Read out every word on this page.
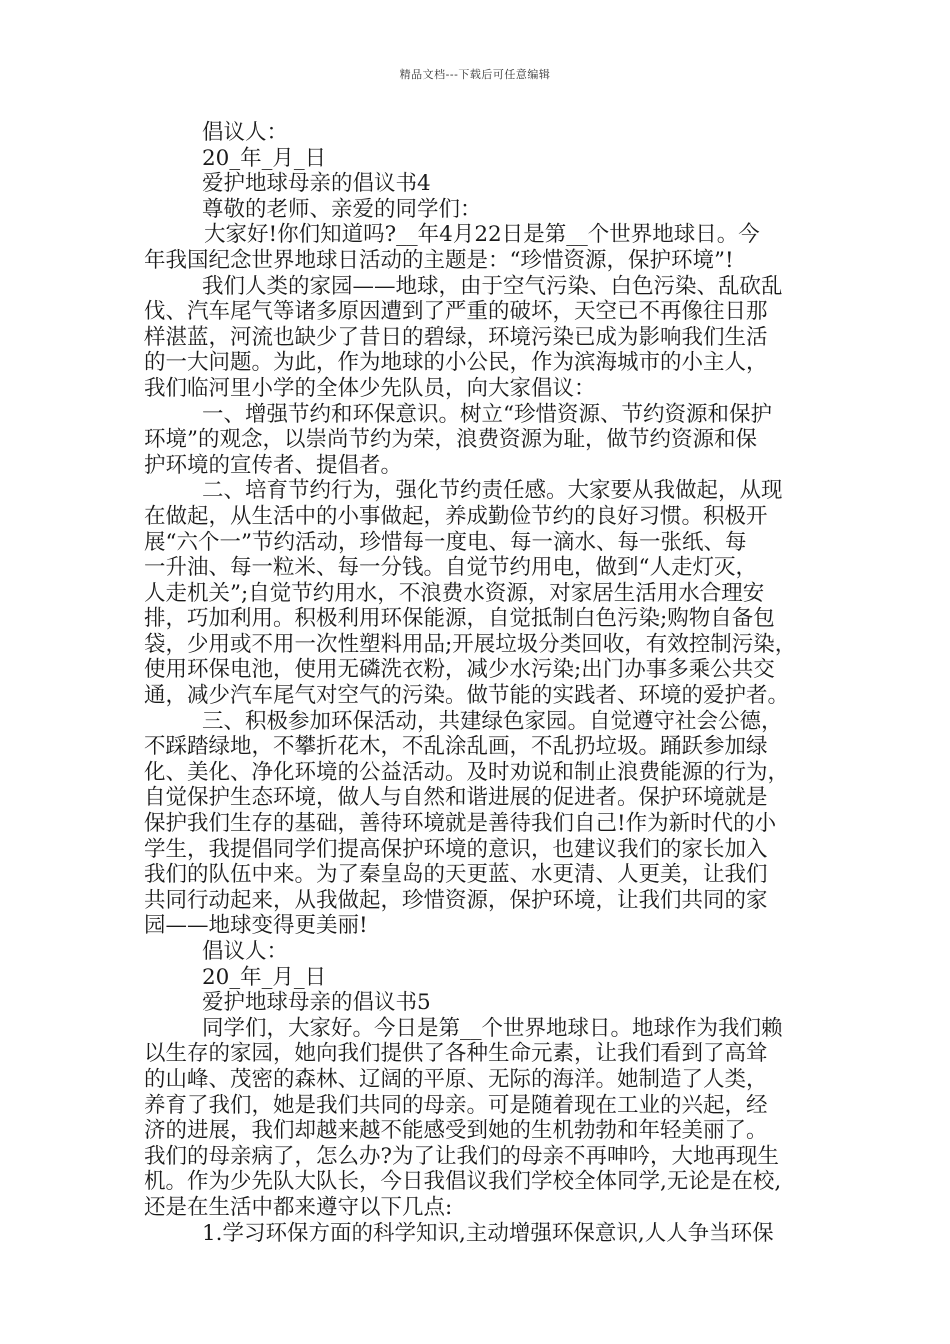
精品文档---下载后可任意编辑
倡议人：
20_年_月_日
爱护地球母亲的倡议书4
尊敬的老师、亲爱的同学们：
大家好!你们知道吗?__年4月22日是第__个世界地球日。今
年我国纪念世界地球日活动的主题是：“珍惜资源，保护环境”!
我们人类的家园——地球，由于空气污染、白色污染、乱砍乱
伐、汽车尾气等诸多原因遭到了严重的破坏，天空已不再像往日那
样湛蓝，河流也缺少了昔日的碧绿，环境污染已成为影响我们生活
的一大问题。为此，作为地球的小公民，作为滨海城市的小主人，
我们临河里小学的全体少先队员，向大家倡议：
一、增强节约和环保意识。树立“珍惜资源、节约资源和保护
环境”的观念，以崇尚节约为荣，浪费资源为耻，做节约资源和保
护环境的宣传者、提倡者。
二、培育节约行为，强化节约责任感。大家要从我做起，从现
在做起，从生活中的小事做起，养成勤俭节约的良好习惯。积极开
展“六个一”节约活动，珍惜每一度电、每一滴水、每一张纸、每
一升油、每一粒米、每一分钱。自觉节约用电，做到“人走灯灭，
人走机关”;自觉节约用水，不浪费水资源，对家居生活用水合理安
排，巧加利用。积极利用环保能源，自觉抵制白色污染;购物自备包
袋，少用或不用一次性塑料用品;开展垃圾分类回收，有效控制污染，
使用环保电池，使用无磷洗衣粉，减少水污染;出门办事多乘公共交
通，减少汽车尾气对空气的污染。做节能的实践者、环境的爱护者。
三、积极参加环保活动，共建绿色家园。自觉遵守社会公德，
不踩踏绿地，不攀折花木，不乱涂乱画，不乱扔垃圾。踊跃参加绿
化、美化、净化环境的公益活动。及时劝说和制止浪费能源的行为，
自觉保护生态环境，做人与自然和谐进展的促进者。保护环境就是
保护我们生存的基础，善待环境就是善待我们自己!作为新时代的小
学生，我提倡同学们提高保护环境的意识，也建议我们的家长加入
我们的队伍中来。为了秦皇岛的天更蓝、水更清、人更美，让我们
共同行动起来，从我做起，珍惜资源，保护环境，让我们共同的家
园——地球变得更美丽!
倡议人：
20_年_月_日
爱护地球母亲的倡议书5
同学们，大家好。今日是第__个世界地球日。地球作为我们赖
以生存的家园，她向我们提供了各种生命元素，让我们看到了高耸
的山峰、茂密的森林、辽阔的平原、无际的海洋。她制造了人类，
养育了我们，她是我们共同的母亲。可是随着现在工业的兴起，经
济的进展，我们却越来越不能感受到她的生机勃勃和年轻美丽了。
我们的母亲病了，怎么办?为了让我们的母亲不再呻吟，大地再现生
机。作为少先队大队长，今日我倡议我们学校全体同学,无论是在校,
还是在生活中都来遵守以下几点:
1.学习环保方面的科学知识,主动增强环保意识,人人争当环保
